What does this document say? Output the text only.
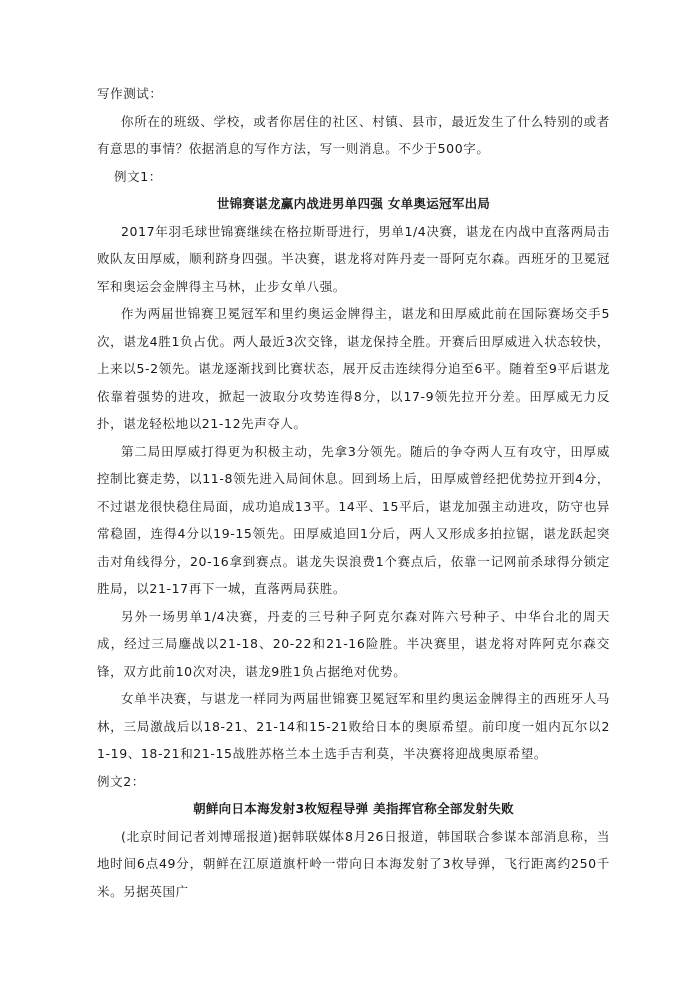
写作测试：

你所在的班级、学校，或者你居住的社区、村镇、县市，最近发生了什么特别的或者有意思的事情？依据消息的写作方法，写一则消息。不少于500字。

例文1：

世锦赛谌龙赢内战进男单四强 女单奥运冠军出局

2017年羽毛球世锦赛继续在格拉斯哥进行，男单1/4决赛，谌龙在内战中直落两局击败队友田厚威，顺利跻身四强。半决赛，谌龙将对阵丹麦一哥阿克尔森。西班牙的卫冕冠军和奥运会金牌得主马林，止步女单八强。

作为两届世锦赛卫冕冠军和里约奥运金牌得主，谌龙和田厚威此前在国际赛场交手5次，谌龙4胜1负占优。两人最近3次交锋，谌龙保持全胜。开赛后田厚威进入状态较快，上来以5-2领先。谌龙逐渐找到比赛状态，展开反击连续得分追至6平。随着至9平后谌龙依靠着强势的进攻，掀起一波取分攻势连得8分，以17-9领先拉开分差。田厚威无力反扑，谌龙轻松地以21-12先声夺人。

第二局田厚威打得更为积极主动，先拿3分领先。随后的争夺两人互有攻守，田厚威控制比赛走势，以11-8领先进入局间休息。回到场上后，田厚威曾经把优势拉开到4分，不过谌龙很快稳住局面，成功追成13平。14平、15平后，谌龙加强主动进攻，防守也异常稳固，连得4分以19-15领先。田厚威追回1分后，两人又形成多拍拉锯，谌龙跃起突击对角线得分，20-16拿到赛点。谌龙失误浪费1个赛点后，依靠一记网前杀球得分锁定胜局，以21-17再下一城，直落两局获胜。

另外一场男单1/4决赛，丹麦的三号种子阿克尔森对阵六号种子、中华台北的周天成，经过三局鏖战以21-18、20-22和21-16险胜。半决赛里，谌龙将对阵阿克尔森交锋，双方此前10次对决，谌龙9胜1负占据绝对优势。

女单半决赛，与谌龙一样同为两届世锦赛卫冕冠军和里约奥运金牌得主的西班牙人马林，三局激战后以18-21、21-14和15-21败给日本的奥原希望。前印度一姐内瓦尔以21-19、18-21和21-15战胜苏格兰本土选手吉利莫，半决赛将迎战奥原希望。

例文2：

朝鲜向日本海发射3枚短程导弹 美指挥官称全部发射失败

(北京时间记者刘博瑶报道)据韩联媒体8月26日报道，韩国联合参谋本部消息称，当地时间6点49分，朝鲜在江原道旗杆岭一带向日本海发射了3枚导弹，飞行距离约250千米。另据英国广
